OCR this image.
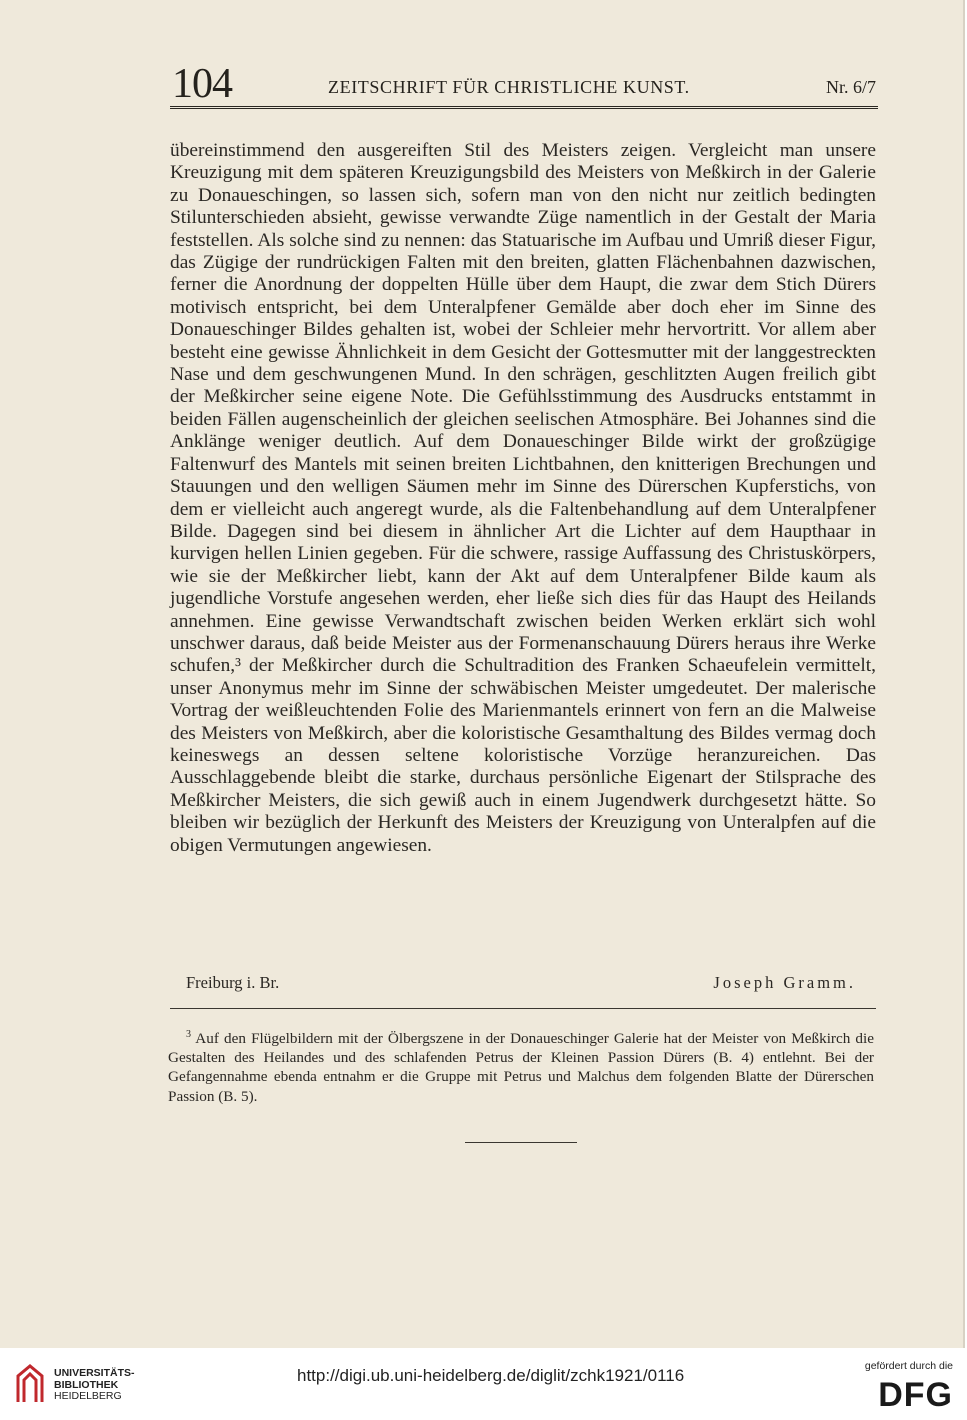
104	ZEITSCHRIFT FÜR CHRISTLICHE KUNST.	Nr. 6/7

übereinstimmend den ausgereiften Stil des Meisters zeigen. Vergleicht man unsere Kreuzigung mit dem späteren Kreuzigungsbild des Meisters von Meßkirch in der Galerie zu Donaueschingen, so lassen sich, sofern man von den nicht nur zeitlich bedingten Stilunterschieden absieht, gewisse verwandte Züge namentlich in der Gestalt der Maria feststellen. Als solche sind zu nennen: das Statuarische im Aufbau und Umriß dieser Figur, das Zügige der rundrückigen Falten mit den breiten, glatten Flächenbahnen dazwischen, ferner die Anordnung der doppelten Hülle über dem Haupt, die zwar dem Stich Dürers motivisch entspricht, bei dem Unteralpfener Gemälde aber doch eher im Sinne des Donaueschinger Bildes gehalten ist, wobei der Schleier mehr hervortritt. Vor allem aber besteht eine gewisse Ähnlichkeit in dem Gesicht der Gottesmutter mit der langgestreckten Nase und dem geschwungenen Mund. In den schrägen, geschlitzten Augen freilich gibt der Meßkircher seine eigene Note. Die Gefühlsstimmung des Ausdrucks entstammt in beiden Fällen augenscheinlich der gleichen seelischen Atmosphäre. Bei Johannes sind die Anklänge weniger deutlich. Auf dem Donaueschinger Bilde wirkt der großzügige Faltenwurf des Mantels mit seinen breiten Lichtbahnen, den knitterigen Brechungen und Stauungen und den welligen Säumen mehr im Sinne des Dürerschen Kupferstichs, von dem er vielleicht auch angeregt wurde, als die Faltenbehandlung auf dem Unteralpfener Bilde. Dagegen sind bei diesem in ähnlicher Art die Lichter auf dem Haupthaar in kurvigen hellen Linien gegeben. Für die schwere, rassige Auffassung des Christuskörpers, wie sie der Meßkircher liebt, kann der Akt auf dem Unteralpfener Bilde kaum als jugendliche Vorstufe angesehen werden, eher ließe sich dies für das Haupt des Heilands annehmen. Eine gewisse Verwandtschaft zwischen beiden Werken erklärt sich wohl unschwer daraus, daß beide Meister aus der Formenanschauung Dürers heraus ihre Werke schufen,³ der Meßkircher durch die Schultradition des Franken Schaeufelein vermittelt, unser Anonymus mehr im Sinne der schwäbischen Meister umgedeutet. Der malerische Vortrag der weißleuchtenden Folie des Marienmantels erinnert von fern an die Malweise des Meisters von Meßkirch, aber die koloristische Gesamthaltung des Bildes vermag doch keineswegs an dessen seltene koloristische Vorzüge heranzureichen. Das Ausschlaggebende bleibt die starke, durchaus persönliche Eigenart der Stilsprache des Meßkircher Meisters, die sich gewiß auch in einem Jugendwerk durchgesetzt hätte. So bleiben wir bezüglich der Herkunft des Meisters der Kreuzigung von Unteralpfen auf die obigen Vermutungen angewiesen.

Freiburg i. Br.	Joseph Gramm.

$^3$ Auf den Flügelbildern mit der Ölbergszene in der Donaueschinger Galerie hat der Meister von Meßkirch die Gestalten des Heilandes und des schlafenden Petrus der Kleinen Passion Dürers (B. 4) entlehnt. Bei der Gefangennahme ebenda entnahm er die Gruppe mit Petrus und Malchus dem folgenden Blatte der Dürerschen Passion (B. 5).

UNIVERSITÄTS-
BIBLIOTHEK
HEIDELBERG
http://digi.ub.uni-heidelberg.de/diglit/zchk1921/0116	gefördert durch die
DFG
